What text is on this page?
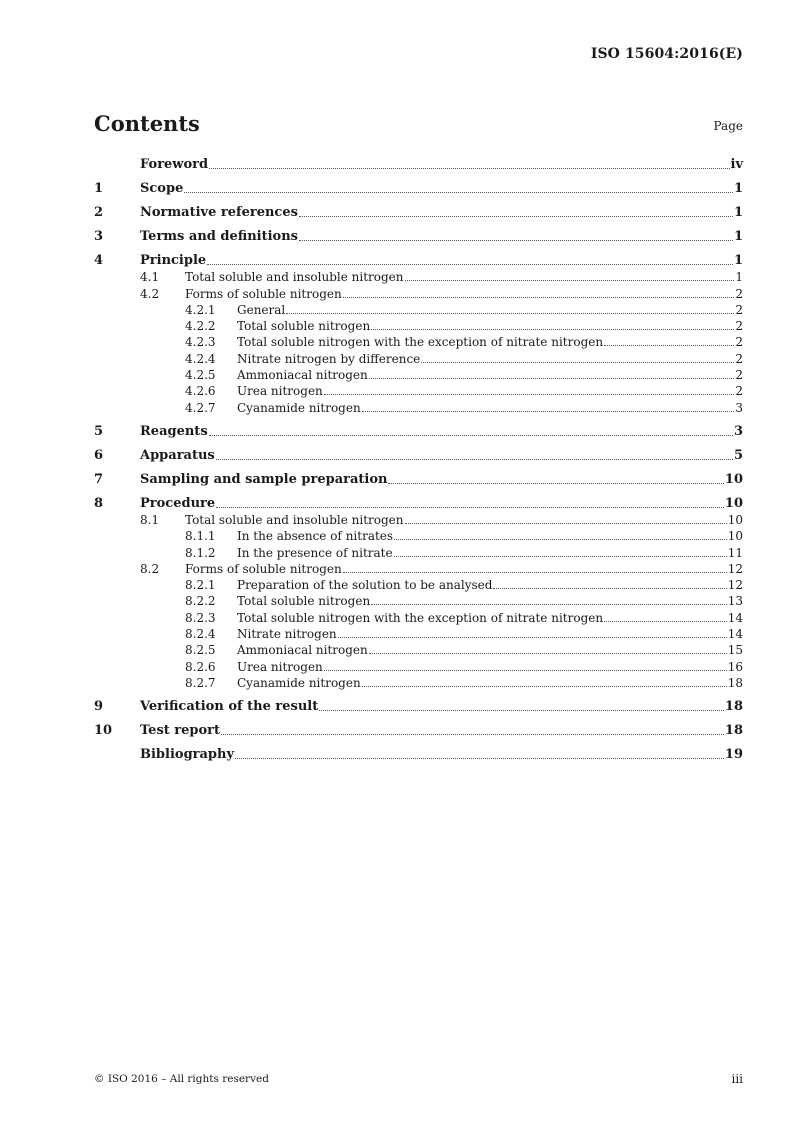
ISO 15604:2016(E)
Contents	Page
Foreword	iv
1	Scope	1
2	Normative references	1
3	Terms and definitions	1
4	Principle	1
4.1	Total soluble and insoluble nitrogen	1
4.2	Forms of soluble nitrogen	2
4.2.1	General	2
4.2.2	Total soluble nitrogen	2
4.2.3	Total soluble nitrogen with the exception of nitrate nitrogen	2
4.2.4	Nitrate nitrogen by difference	2
4.2.5	Ammoniacal nitrogen	2
4.2.6	Urea nitrogen	2
4.2.7	Cyanamide nitrogen	3
5	Reagents	3
6	Apparatus	5
7	Sampling and sample preparation	10
8	Procedure	10
8.1	Total soluble and insoluble nitrogen	10
8.1.1	In the absence of nitrates	10
8.1.2	In the presence of nitrate	11
8.2	Forms of soluble nitrogen	12
8.2.1	Preparation of the solution to be analysed	12
8.2.2	Total soluble nitrogen	13
8.2.3	Total soluble nitrogen with the exception of nitrate nitrogen	14
8.2.4	Nitrate nitrogen	14
8.2.5	Ammoniacal nitrogen	15
8.2.6	Urea nitrogen	16
8.2.7	Cyanamide nitrogen	18
9	Verification of the result	18
10	Test report	18
Bibliography	19
© ISO 2016 – All rights reserved	iii
